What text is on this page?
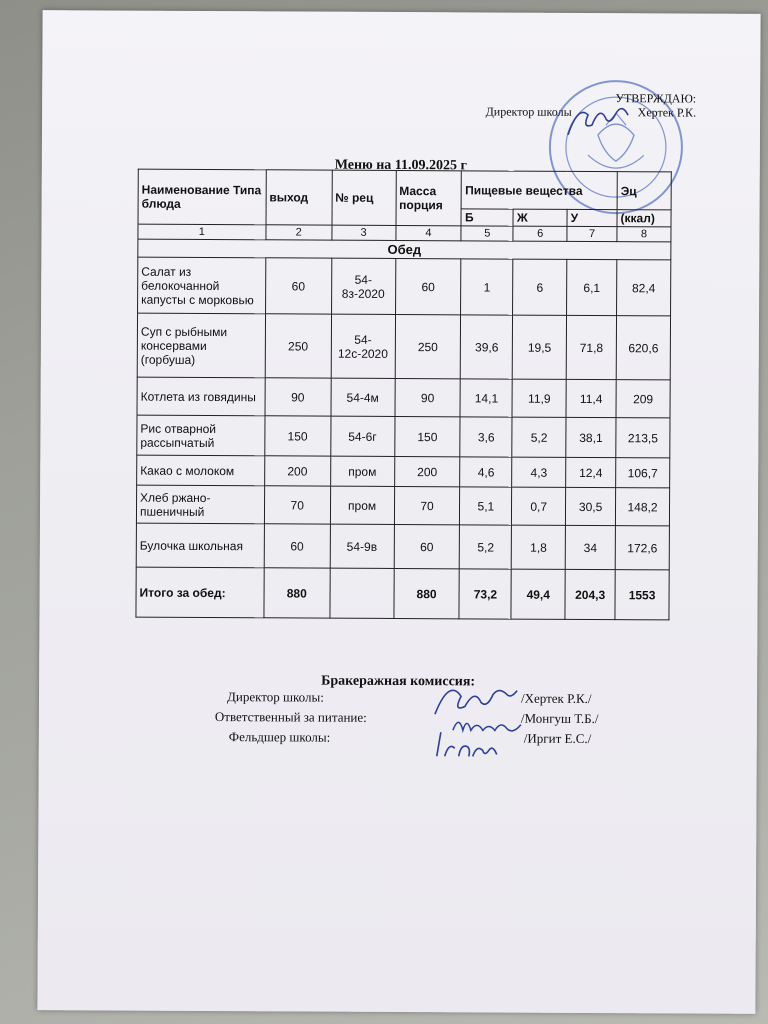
УТВЕРЖДАЮ:
Директор школы	Хертек Р.К.
Меню на 11.09.2025 г
Наименование Типа блюда	выход	№ рец	Масса порция	Пищевые вещества			Эц
				Б	Ж	У	(ккал)
1	2	3	4	5	6	7	8
Обед							
Салат из белокочанной капусты с морковью	60	54-8з-2020	60	1	6	6,1	82,4
Суп с рыбными консервами (горбуша)	250	54-12с-2020	250	39,6	19,5	71,8	620,6
Котлета из говядины	90	54-4м	90	14,1	11,9	11,4	209
Рис отварной рассыпчатый	150	54-6г	150	3,6	5,2	38,1	213,5
Какао с молоком	200	пром	200	4,6	4,3	12,4	106,7
Хлеб ржано-пшеничный	70	пром	70	5,1	0,7	30,5	148,2
Булочка школьная	60	54-9в	60	5,2	1,8	34	172,6
Итого за обед:	880		880	73,2	49,4	204,3	1553
Бракеражная комиссия:
Директор школы:	/Хертек Р.К./
Ответственный за питание:	/Монгуш Т.Б./
Фельдшер школы:	/Иргит Е.С./
